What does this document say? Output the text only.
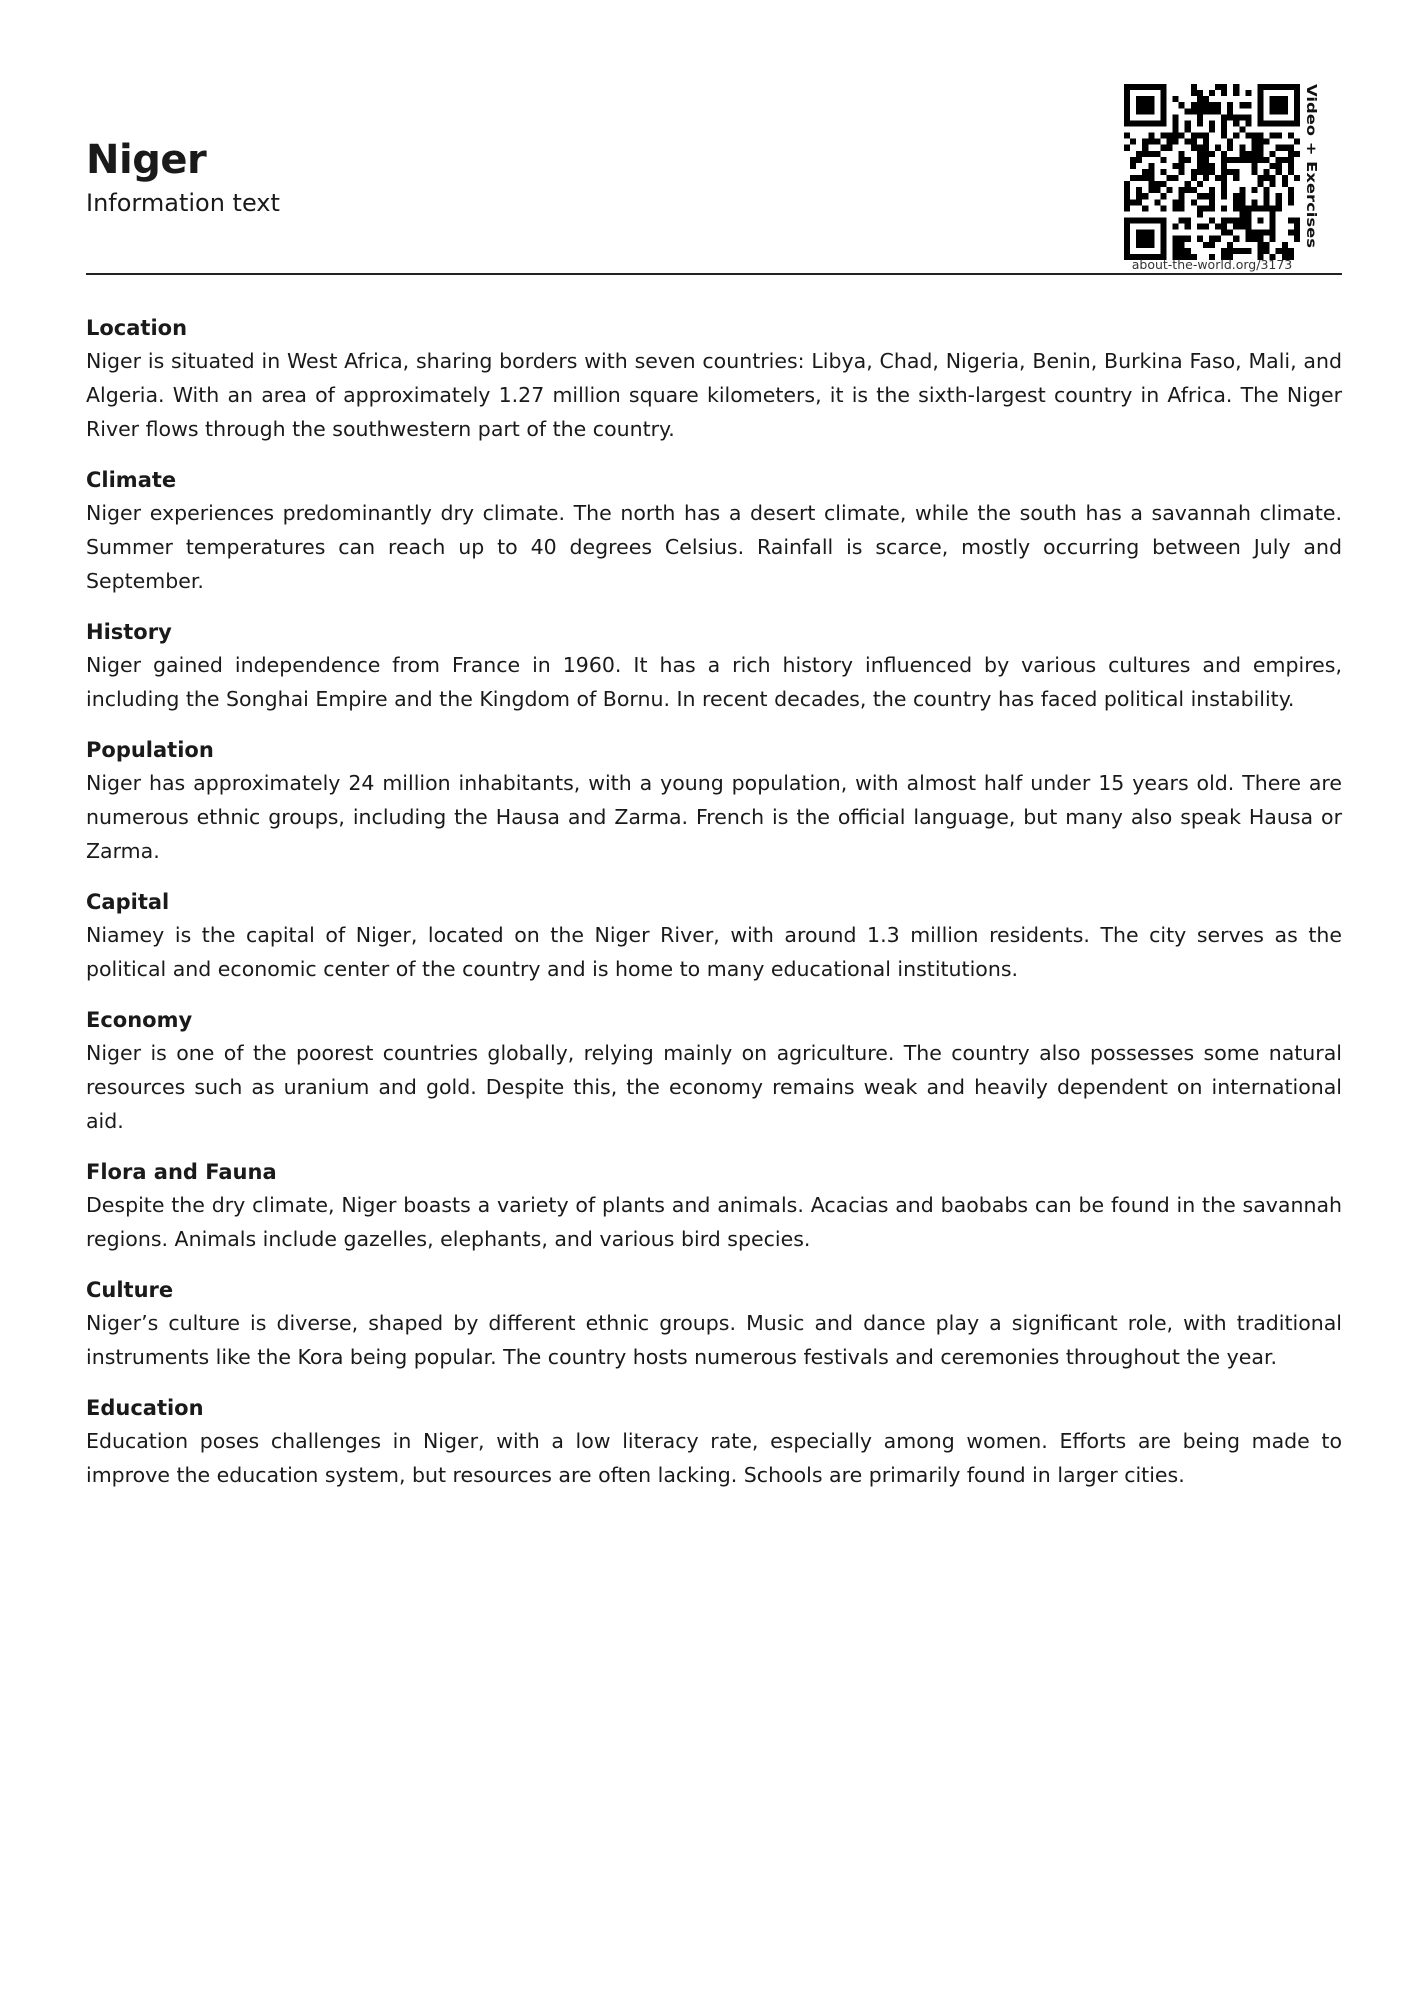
Niger
Information text	Video + Exercises
about-the-world.org/3173
Location

Niger is situated in West Africa, sharing borders with seven countries: Libya, Chad, Nigeria, Benin, Burkina Faso, Mali, and Algeria. With an area of approximately 1.27 million square kilometers, it is the sixth-largest country in Africa. The Niger River flows through the southwestern part of the country.

Climate

Niger experiences predominantly dry climate. The north has a desert climate, while the south has a savannah climate. Summer temperatures can reach up to 40 degrees Celsius. Rainfall is scarce, mostly occurring between July and September.

History

Niger gained independence from France in 1960. It has a rich history influenced by various cultures and empires, including the Songhai Empire and the Kingdom of Bornu. In recent decades, the country has faced political instability.

Population

Niger has approximately 24 million inhabitants, with a young population, with almost half under 15 years old. There are numerous ethnic groups, including the Hausa and Zarma. French is the official language, but many also speak Hausa or Zarma.

Capital

Niamey is the capital of Niger, located on the Niger River, with around 1.3 million residents. The city serves as the political and economic center of the country and is home to many educational institutions.

Economy

Niger is one of the poorest countries globally, relying mainly on agriculture. The country also possesses some natural resources such as uranium and gold. Despite this, the economy remains weak and heavily dependent on international aid.

Flora and Fauna

Despite the dry climate, Niger boasts a variety of plants and animals. Acacias and baobabs can be found in the savannah regions. Animals include gazelles, elephants, and various bird species.

Culture

Niger’s culture is diverse, shaped by different ethnic groups. Music and dance play a significant role, with traditional instruments like the Kora being popular. The country hosts numerous festivals and ceremonies throughout the year.

Education

Education poses challenges in Niger, with a low literacy rate, especially among women. Efforts are being made to improve the education system, but resources are often lacking. Schools are primarily found in larger cities.
